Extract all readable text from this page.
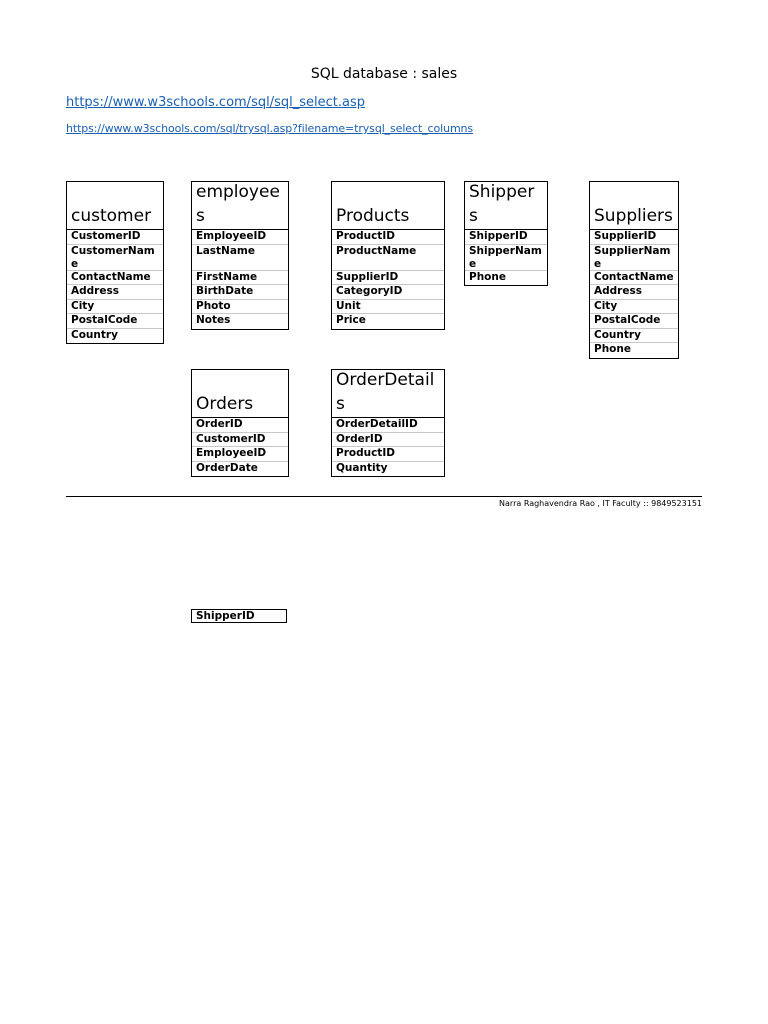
SQL database : sales
https://www.w3schools.com/sql/sql_select.asp
https://www.w3schools.com/sql/trysql.asp?filename=trysql_select_columns
customer
CustomerID
CustomerName
ContactName
Address
City
PostalCode
Country
employees
EmployeeID
LastName
FirstName
BirthDate
Photo
Notes
Products
ProductID
ProductName
SupplierID
CategoryID
Unit
Price
Shippers
ShipperID
ShipperName
Phone
Suppliers
SupplierID
SupplierName
ContactName
Address
City
PostalCode
Country
Phone
Orders
OrderID
CustomerID
EmployeeID
OrderDate
OrderDetails
OrderDetailID
OrderID
ProductID
Quantity
Narra Raghavendra Rao , IT Faculty :: 9849523151
ShipperID
